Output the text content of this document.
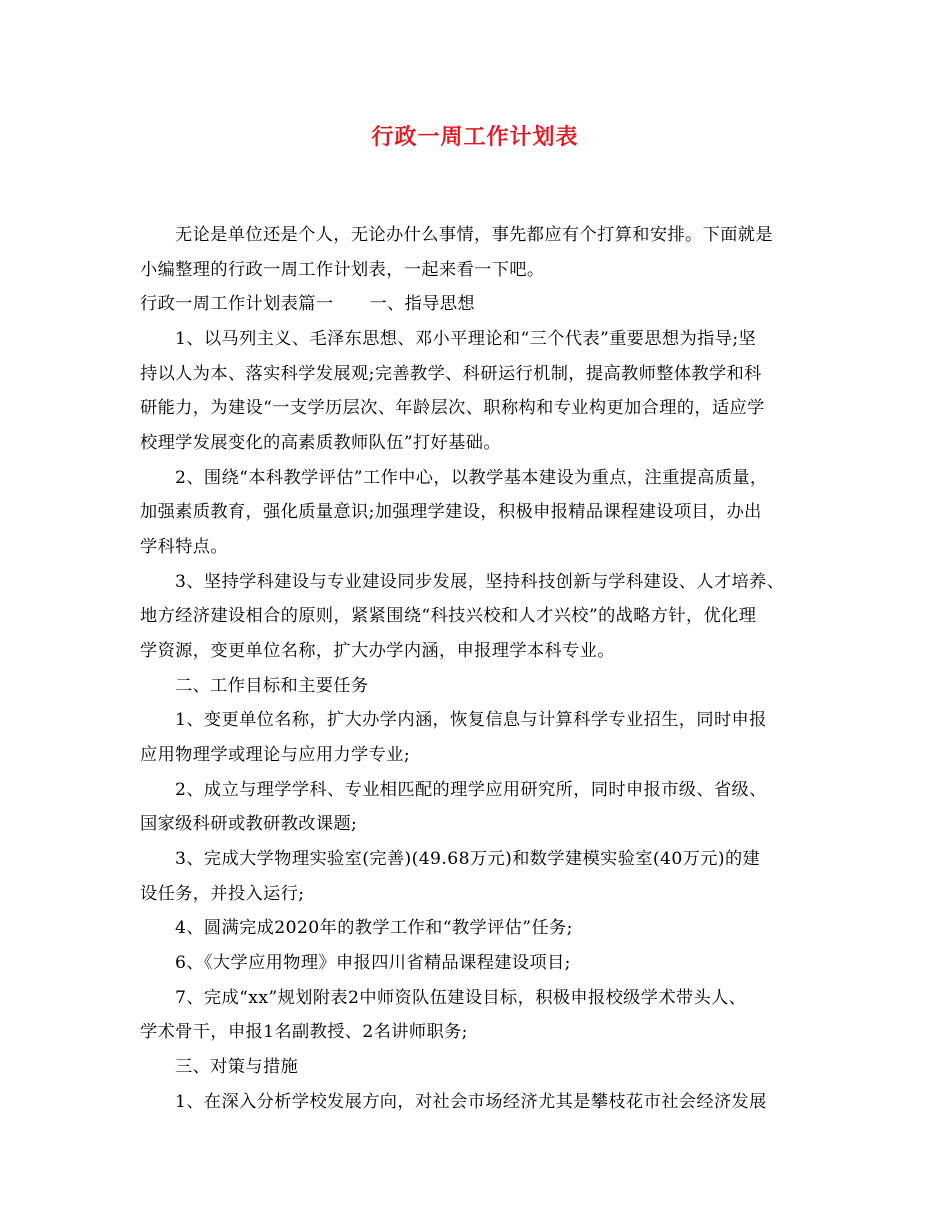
行政一周工作计划表
无论是单位还是个人，无论办什么事情，事先都应有个打算和安排。下面就是
小编整理的行政一周工作计划表，一起来看一下吧。
行政一周工作计划表篇一 一、指导思想
1、以马列主义、毛泽东思想、邓小平理论和“三个代表”重要思想为指导;坚
持以人为本、落实科学发展观;完善教学、科研运行机制，提高教师整体教学和科
研能力，为建设“一支学历层次、年龄层次、职称构和专业构更加合理的，适应学
校理学发展变化的高素质教师队伍”打好基础。
2、围绕“本科教学评估”工作中心，以教学基本建设为重点，注重提高质量，
加强素质教育，强化质量意识;加强理学建设，积极申报精品课程建设项目，办出
学科特点。
3、坚持学科建设与专业建设同步发展，坚持科技创新与学科建设、人才培养、
地方经济建设相合的原则，紧紧围绕“科技兴校和人才兴校”的战略方针，优化理
学资源，变更单位名称，扩大办学内涵，申报理学本科专业。
二、工作目标和主要任务
1、变更单位名称，扩大办学内涵，恢复信息与计算科学专业招生，同时申报
应用物理学或理论与应用力学专业;
2、成立与理学学科、专业相匹配的理学应用研究所，同时申报市级、省级、
国家级科研或教研教改课题;
3、完成大学物理实验室(完善)(49.68万元)和数学建模实验室(40万元)的建
设任务，并投入运行;
4、圆满完成2020年的教学工作和“教学评估”任务;
6、《大学应用物理》申报四川省精品课程建设项目;
7、完成“xx”规划附表2中师资队伍建设目标，积极申报校级学术带头人、
学术骨干，申报1名副教授、2名讲师职务;
三、对策与措施
1、在深入分析学校发展方向，对社会市场经济尤其是攀枝花市社会经济发展
